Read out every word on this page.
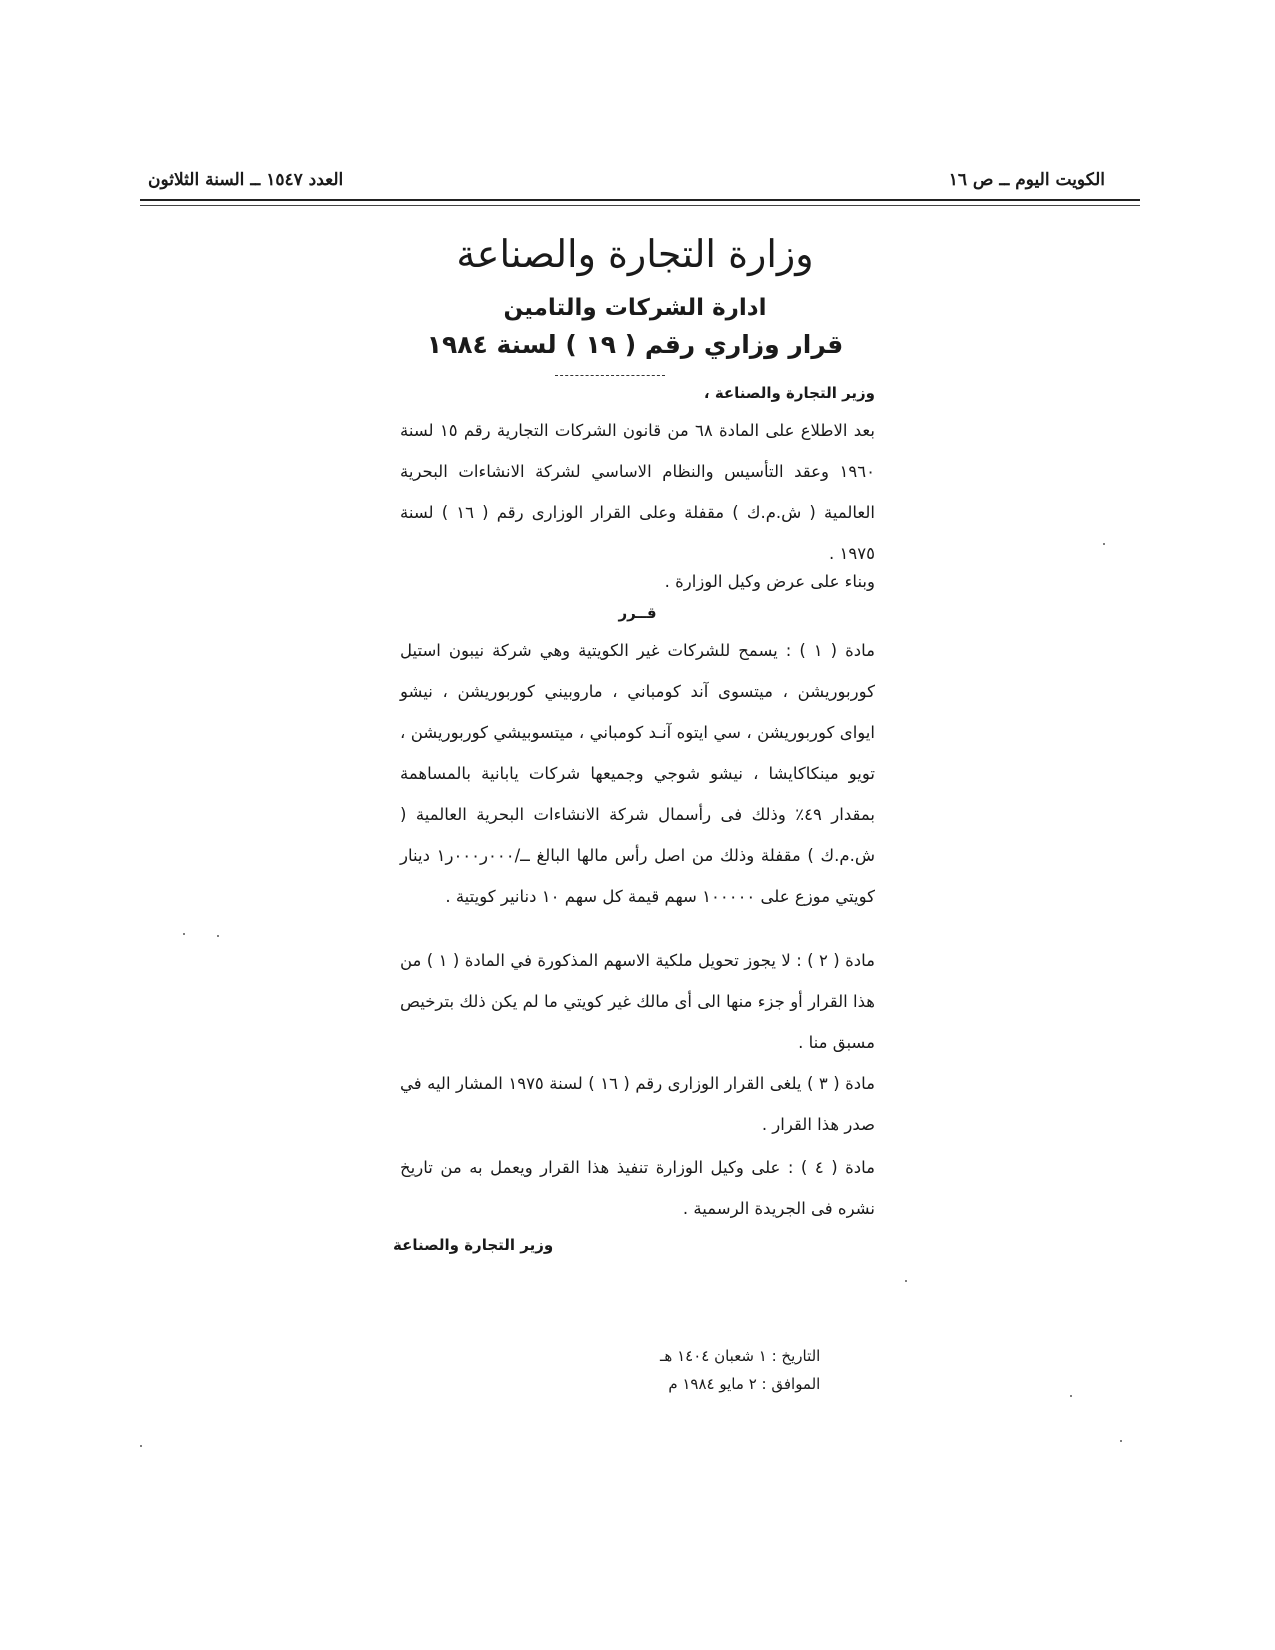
الكويت اليوم ــ ص ١٦
العدد ١٥٤٧ ــ السنة الثلاثون
وزارة التجارة والصناعة
ادارة الشركات والتامين
قرار وزاري رقم ( ١٩ ) لسنة ١٩٨٤
وزير التجارة والصناعة ،
بعد الاطلاع على المادة ٦٨ من قانون الشركات التجارية رقم ١٥ لسنة ١٩٦٠ وعقد التأسيس والنظام الاساسي لشركة الانشاءات البحرية العالمية ( ش.م.ك ) مقفلة وعلى القرار الوزارى رقم ( ١٦ ) لسنة ١٩٧٥ .
وبناء على عرض وكيل الوزارة .
قــرر
مادة ( ١ ) : يسمح للشركات غير الكويتية وهي شركة نيبون استيل كوربوريشن ، ميتسوى آند كومباني ، ماروبيني كوربوريشن ، نيشو ايواى كوربوريشن ، سي ايتوه آنـد كومباني ، ميتسوبيشي كوربوريشن ، تويو مينكاكايشا ، نيشو شوجي وجميعها شركات يابانية بالمساهمة بمقدار ٤٩٪ وذلك فى رأسمال شركة الانشاءات البحرية العالمية ( ش.م.ك ) مقفلة وذلك من اصل رأس مالها البالغ ــ/٠٠٠ر٠٠٠ر١ دينار كويتي موزع على ١٠٠٠٠٠ سهم قيمة كل سهم ١٠ دنانير كويتية .
مادة ( ٢ ) : لا يجوز تحويل ملكية الاسهم المذكورة في المادة ( ١ ) من هذا القرار أو جزء منها الى أى مالك غير كويتي ما لم يكن ذلك بترخيص مسبق منا .
مادة ( ٣ ) يلغى القرار الوزارى رقم ( ١٦ ) لسنة ١٩٧٥ المشار اليه في صدر هذا القرار .
مادة ( ٤ ) : على وكيل الوزارة تنفيذ هذا القرار ويعمل به من تاريخ نشره فى الجريدة الرسمية .
وزير التجارة والصناعة
التاريخ : ١ شعبان ١٤٠٤ هـ
الموافق : ٢ مايو ١٩٨٤ م
